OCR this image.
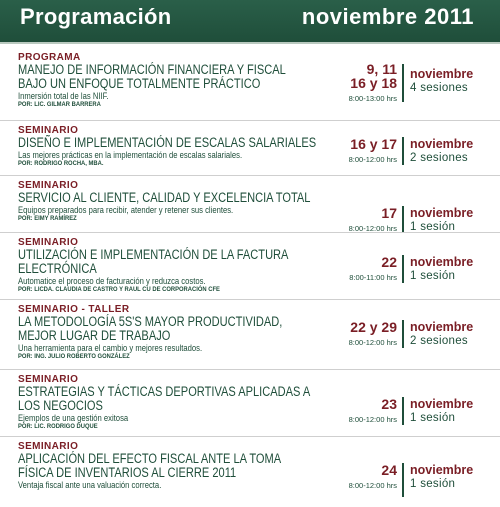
Programación	noviembre 2011
PROGRAMA
MANEJO DE INFORMACIÓN FINANCIERA Y FISCAL BAJO UN ENFOQUE TOTALMENTE PRÁCTICO
Inmersión total de las NIIF.
POR: LIC. GILMAR BARRERA
9, 11
16 y 18
8:00-13:00 hrs
noviembre
4 sesiones
SEMINARIO
DISEÑO E IMPLEMENTACIÓN DE ESCALAS SALARIALES
Las mejores prácticas en la implementación de escalas salariales.
POR: RODRIGO ROCHA, MBA.
16 y 17
8:00-12:00 hrs
noviembre
2 sesiones
SEMINARIO
SERVICIO AL CLIENTE, CALIDAD Y EXCELENCIA TOTAL
Equipos preparados para recibir, atender y retener sus clientes.
POR: EIMY RAMÍREZ	17
8:00-12:00 hrs
noviembre
1 sesión
SEMINARIO
UTILIZACIÓN E IMPLEMENTACIÓN DE LA FACTURA ELECTRÓNICA
Automatice el proceso de facturación y reduzca costos.
POR: LICDA. CLAUDIA DE CASTRO Y RAUL CU DE CORPORACIÓN CFE
22
8:00-11:00 hrs
noviembre
1 sesión
SEMINARIO - TALLER
LA METODOLOGÍA 5S'S MAYOR PRODUCTIVIDAD, MEJOR LUGAR DE TRABAJO
Una herramienta para el cambio y mejores resultados.
POR: ING. JULIO ROBERTO GONZÁLEZ
22 y 29
8:00-12:00 hrs
noviembre
2 sesiones
SEMINARIO
ESTRATEGIAS Y TÁCTICAS DEPORTIVAS APLICADAS A LOS NEGOCIOS
Ejemplos de una gestión exitosa
POR: LIC. RODRIGO DUQUE
23
8:00-12:00 hrs
noviembre
1 sesión
SEMINARIO
APLICACIÓN DEL EFECTO FISCAL ANTE LA TOMA FÍSICA DE INVENTARIOS AL CIERRE 2011
Ventaja fiscal ante una valuación correcta.
24
8:00-12:00 hrs
noviembre
1 sesión
